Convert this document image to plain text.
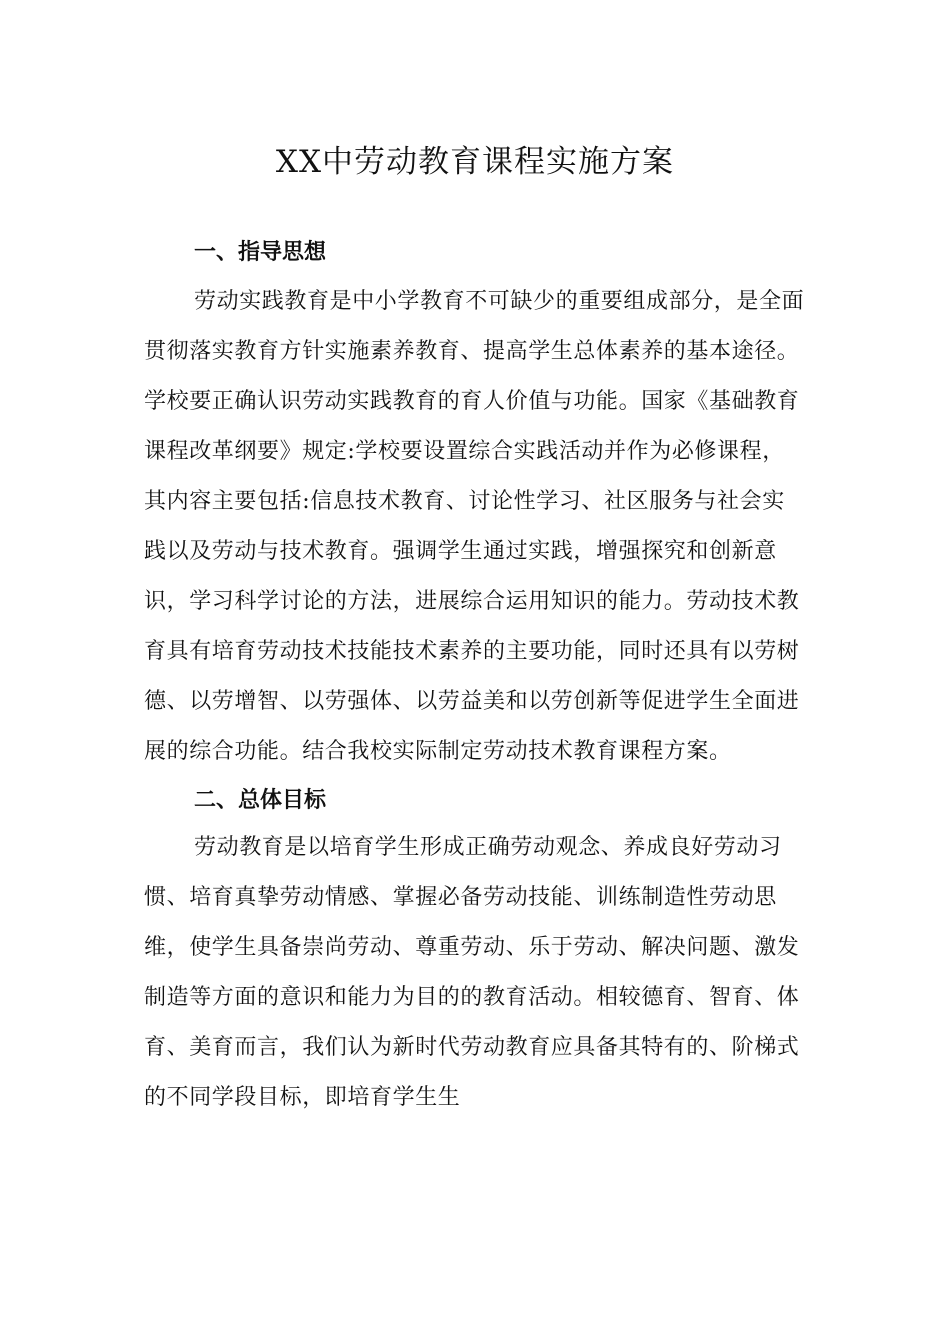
XX中劳动教育课程实施方案
一、指导思想
劳动实践教育是中小学教育不可缺少的重要组成部分，是全面
贯彻落实教育方针实施素养教育、提高学生总体素养的基本途径。
学校要正确认识劳动实践教育的育人价值与功能。国家《基础教育
课程改革纲要》规定:学校要设置综合实践活动并作为必修课程，
其内容主要包括:信息技术教育、讨论性学习、社区服务与社会实
践以及劳动与技术教育。强调学生通过实践，增强探究和创新意
识，学习科学讨论的方法，进展综合运用知识的能力。劳动技术教
育具有培育劳动技术技能技术素养的主要功能，同时还具有以劳树
德、以劳增智、以劳强体、以劳益美和以劳创新等促进学生全面进
展的综合功能。结合我校实际制定劳动技术教育课程方案。
二、总体目标
劳动教育是以培育学生形成正确劳动观念、养成良好劳动习
惯、培育真挚劳动情感、掌握必备劳动技能、训练制造性劳动思
维，使学生具备崇尚劳动、尊重劳动、乐于劳动、解决问题、激发
制造等方面的意识和能力为目的的教育活动。相较德育、智育、体
育、美育而言，我们认为新时代劳动教育应具备其特有的、阶梯式
的不同学段目标，即培育学生生
